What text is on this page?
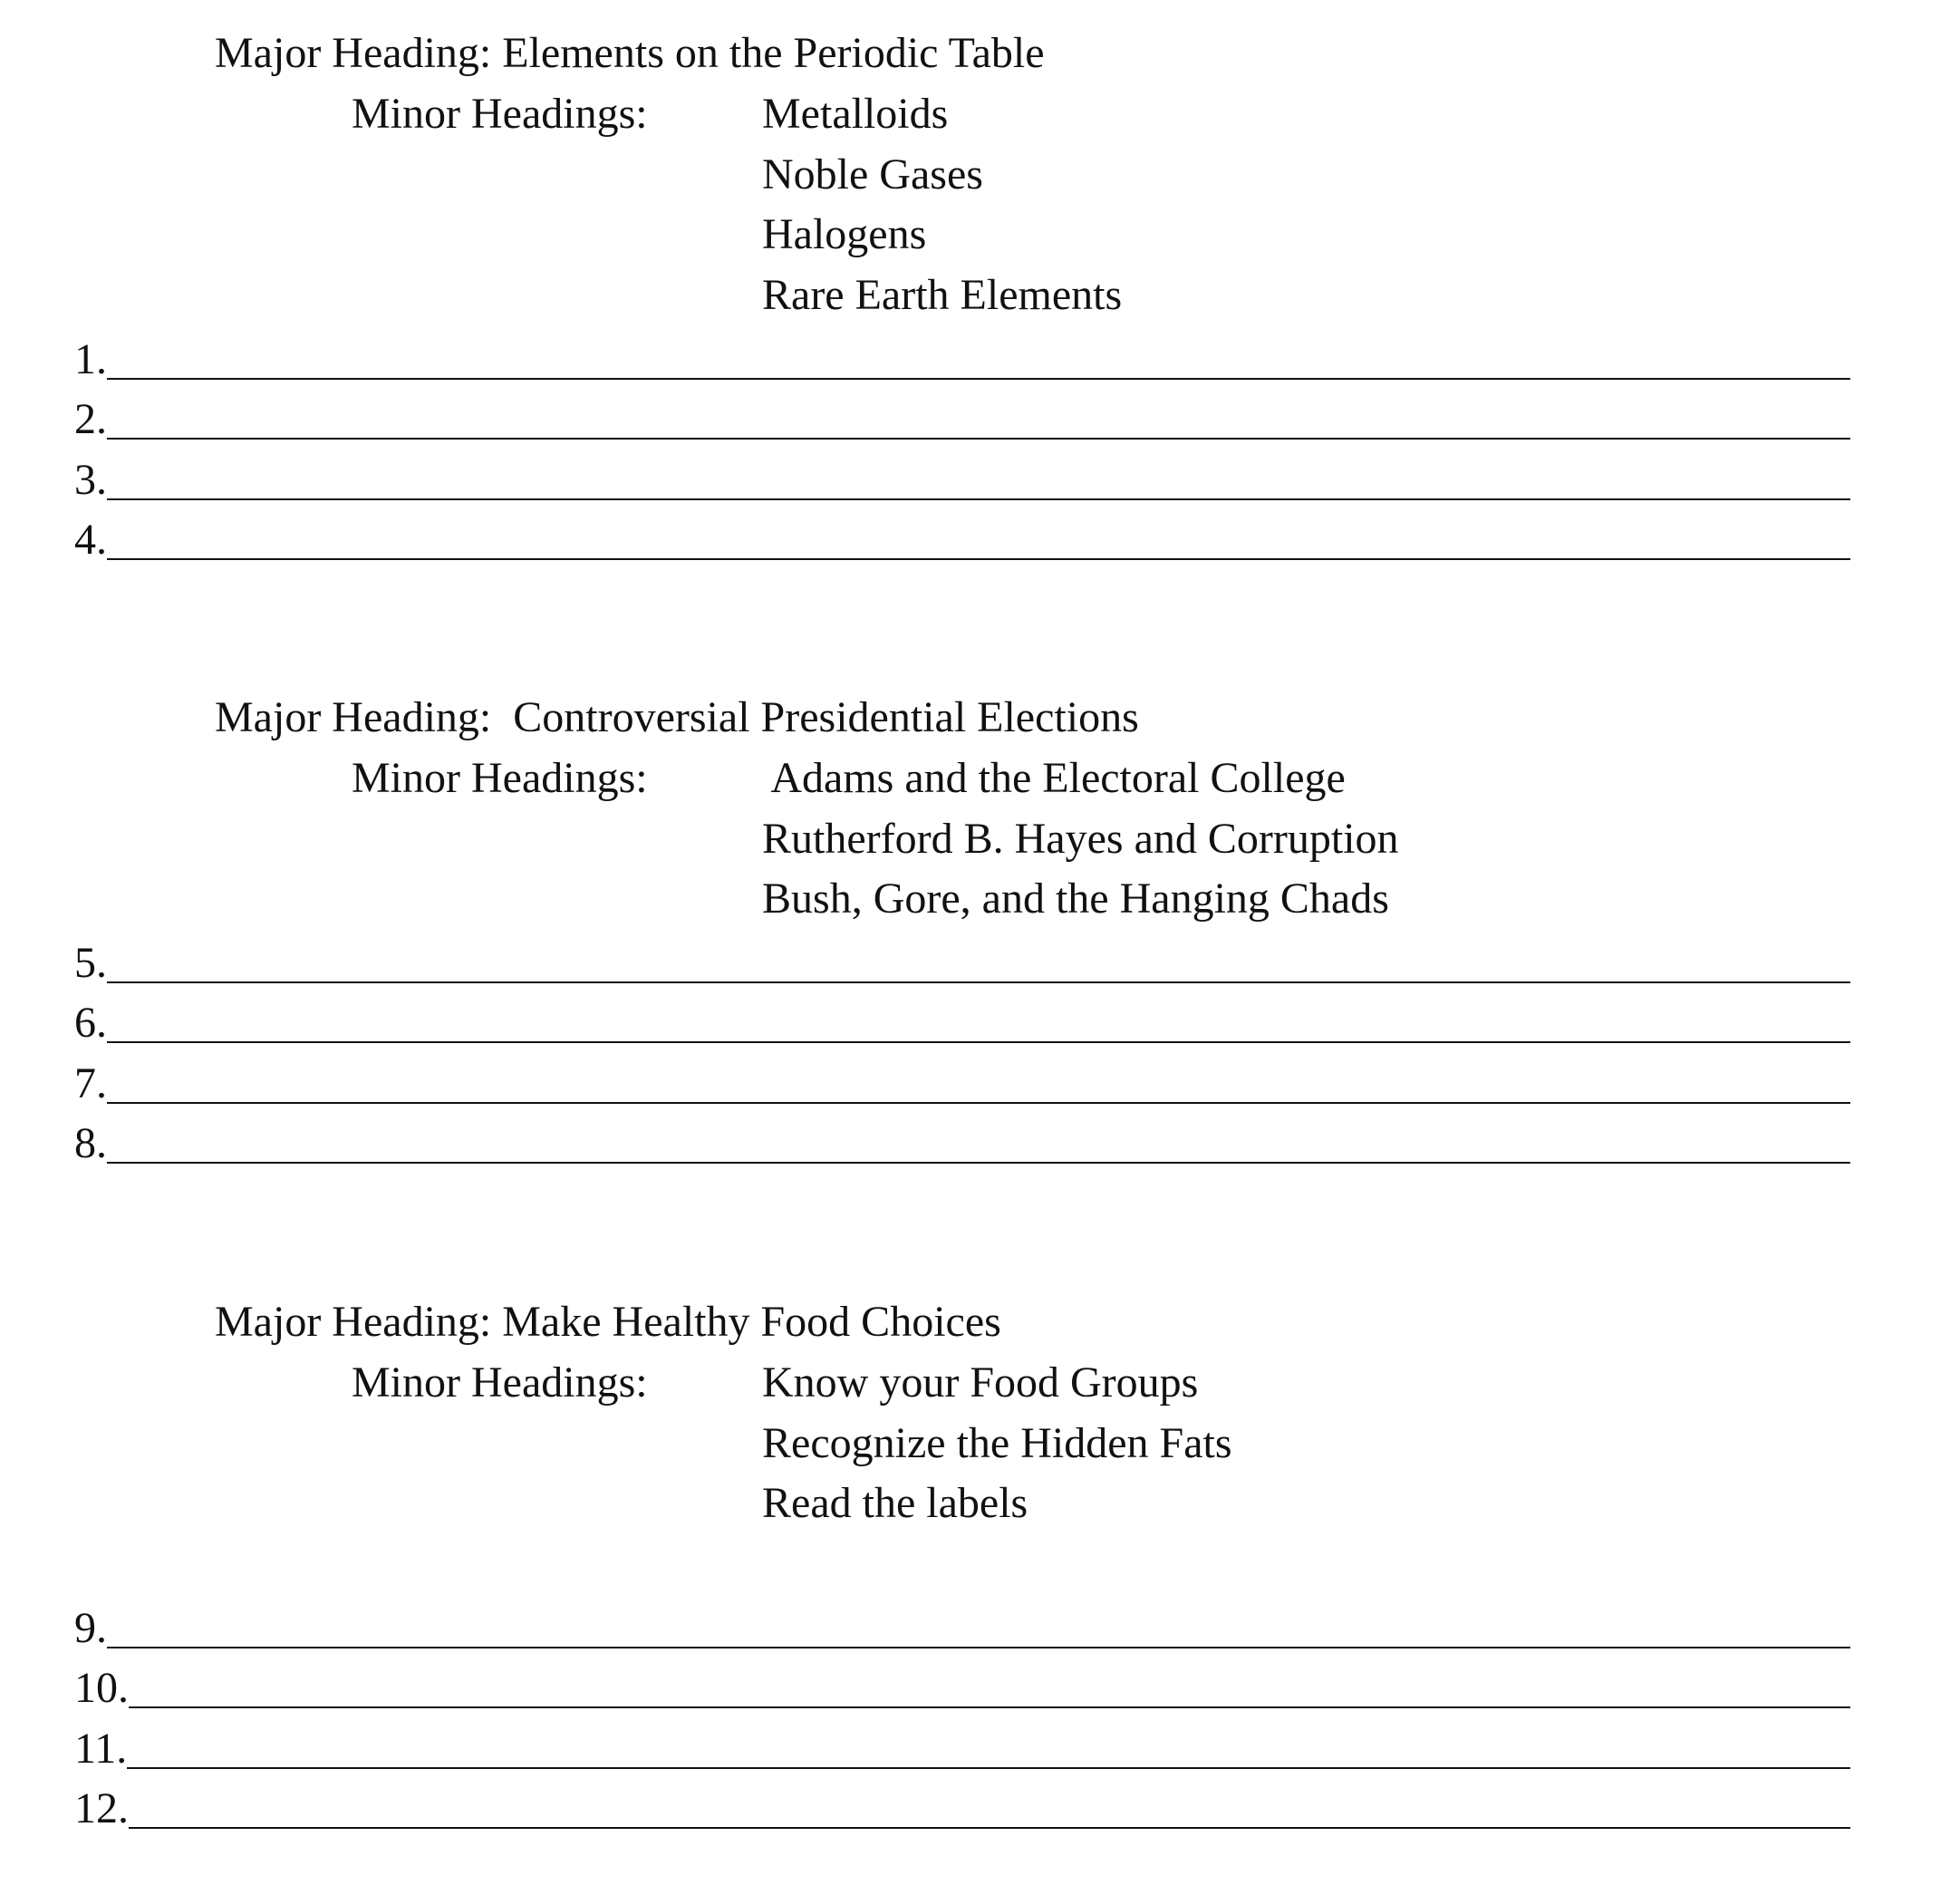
Major Heading: Elements on the Periodic Table
Minor Headings:	Metalloids
Noble Gases
Halogens
Rare Earth Elements
1.
2.
3.
4.
Major Heading:  Controversial Presidential Elections
Minor Headings:	Adams and the Electoral College
Rutherford B. Hayes and Corruption
Bush, Gore, and the Hanging Chads
5.
6.
7.
8.
Major Heading: Make Healthy Food Choices
Minor Headings:	Know your Food Groups
Recognize the Hidden Fats
Read the labels
9.
10.
11.
12.
